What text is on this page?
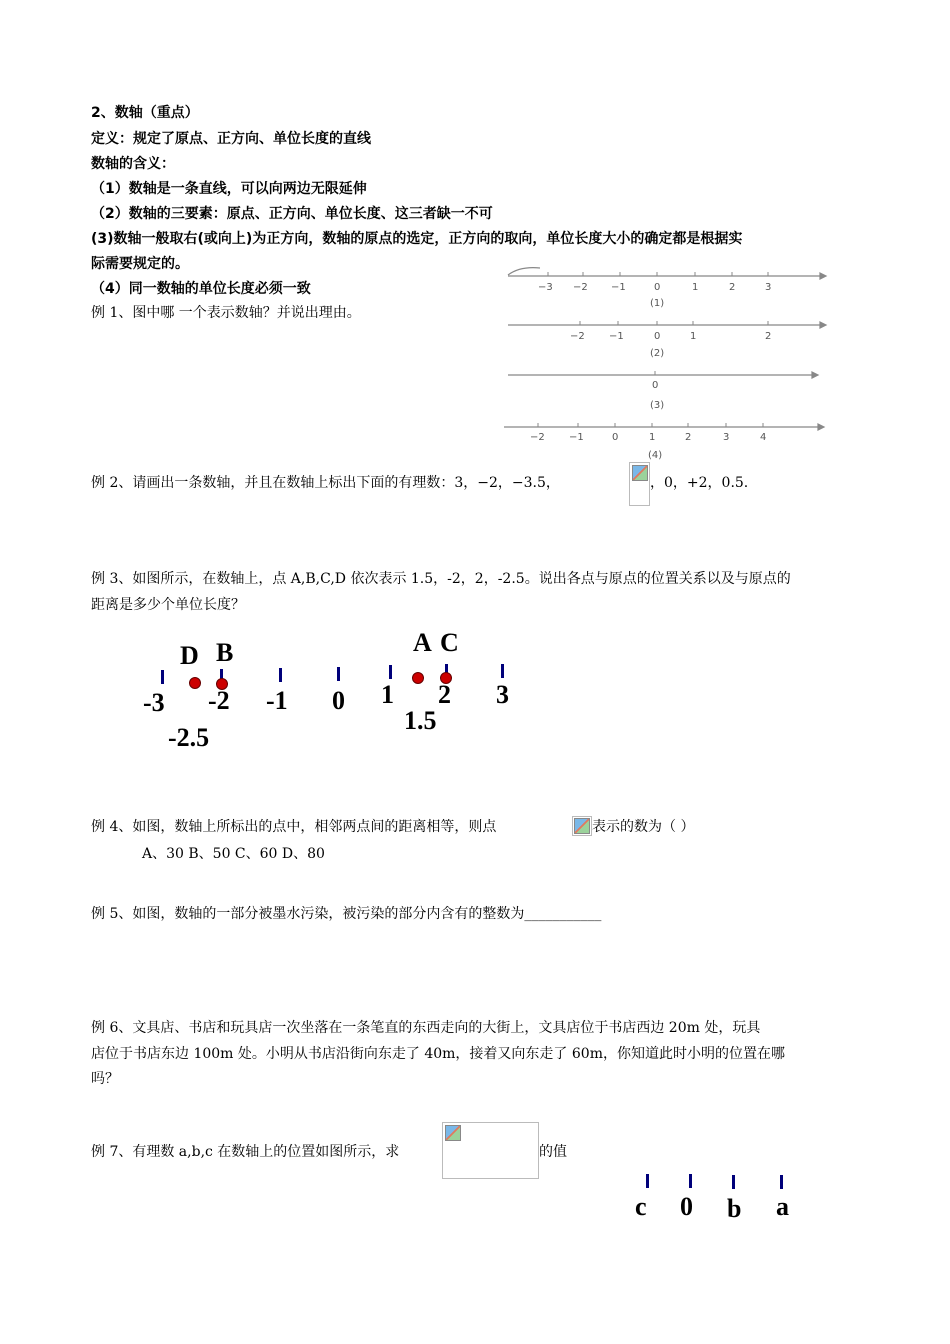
2、数轴（重点）
定义：规定了原点、正方向、单位长度的直线
数轴的含义：
（1）数轴是一条直线，可以向两边无限延伸
（2）数轴的三要素：原点、正方向、单位长度、这三者缺一不可
(3)数轴一般取右(或向上)为正方向，数轴的原点的选定，正方向的取向，单位长度大小的确定都是根据实
际需要规定的。
（4）同一数轴的单位长度必须一致
例 1、图中哪 一个表示数轴？并说出理由。
−3 −2 −1	0	1	2	3
(1)
−2 −1	0	1	2
(2)
0
(3)
−2 −1	0	1	2	3	4
(4)
例 2、请画出一条数轴，并且在数轴上标出下面的有理数：3，−2，−3.5，	，0，+2，0.5.
例 3、如图所示，在数轴上，点 A,B,C,D 依次表示 1.5，-2，2，-2.5。说出各点与原点的位置关系以及与原点的
距离是多少个单位长度？
D B	A C
-3 -2 -1 0 1 2 3
-2.5
1.5
例 4、如图，数轴上所标出的点中，相邻两点间的距离相等，则点	表示的数为（ ）
A、30 B、50 C、60 D、80
例 5、如图，数轴的一部分被墨水污染，被污染的部分内含有的整数为___________
例 6、文具店、书店和玩具店一次坐落在一条笔直的东西走向的大街上，文具店位于书店西边 20m 处，玩具
店位于书店东边 100m 处。小明从书店沿街向东走了 40m，接着又向东走了 60m，你知道此时小明的位置在哪
吗？
例 7、有理数 a,b,c 在数轴上的位置如图所示，求	的值
c 0 b a
